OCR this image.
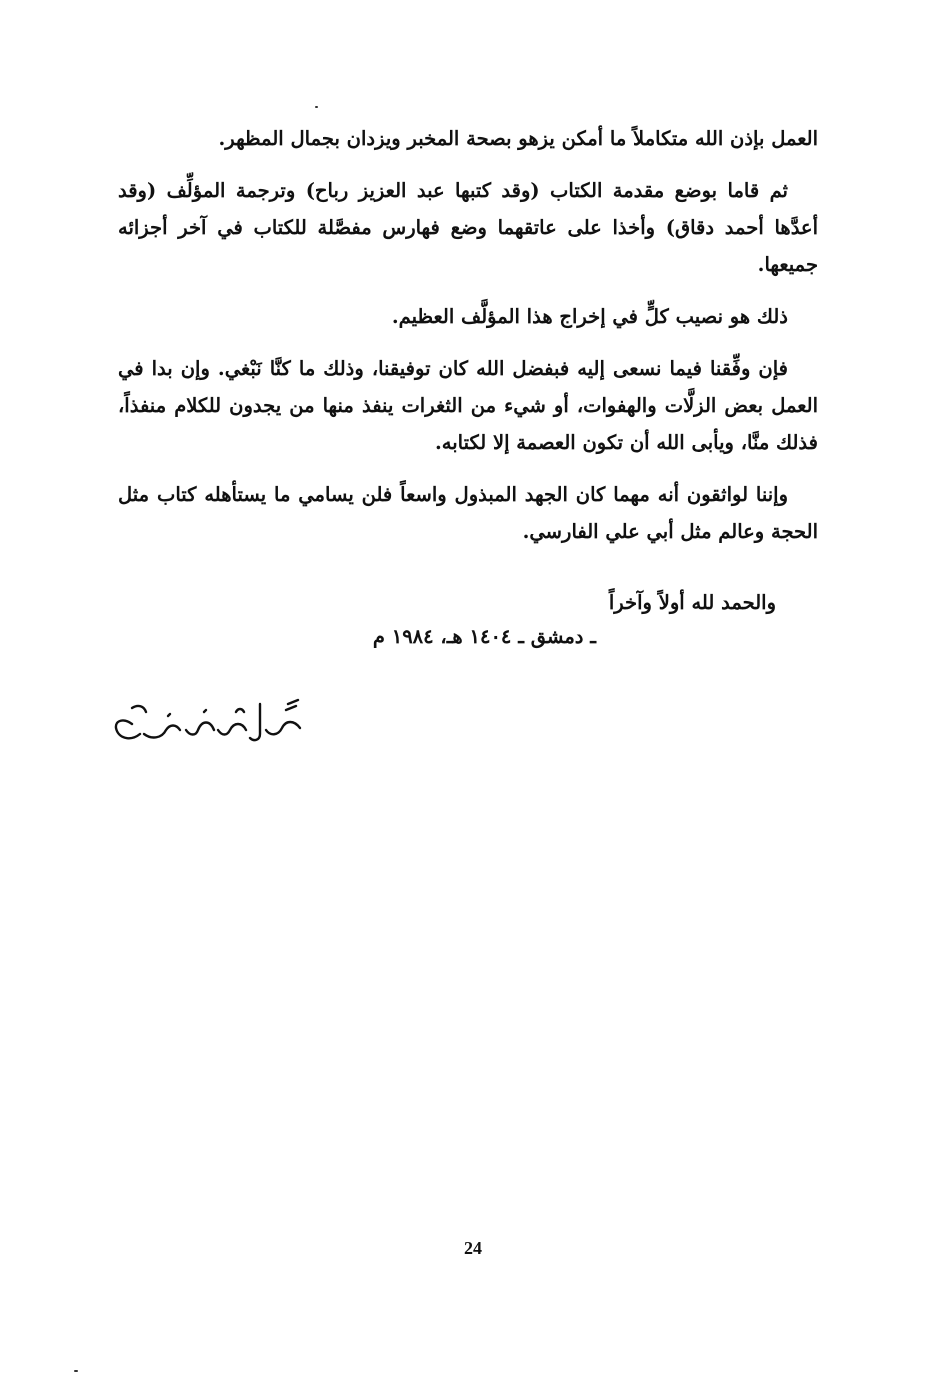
العمل بإذن الله متكاملاً ما أمكن يزهو بصحة المخبر ويزدان بجمال المظهر.

ثم قاما بوضع مقدمة الكتاب (وقد كتبها عبد العزيز رباح) وترجمة المؤلِّف (وقد أعدَّها أحمد دقاق) وأخذا على عاتقهما وضع فهارس مفصَّلة للكتاب في آخر أجزائه جميعها.

ذلك هو نصيب كلٍّ في إخراج هذا المؤلَّف العظيم.

فإن وفِّقنا فيما نسعى إليه فبفضل الله كان توفيقنا، وذلك ما كنَّا نَبْغي. وإن بدا في العمل بعض الزلَّات والهفوات، أو شيء من الثغرات ينفذ منها من يجدون للكلام منفذاً، فذلك منَّا، ويأبى الله أن تكون العصمة إلا لكتابه.

وإننا لواثقون أنه مهما كان الجهد المبذول واسعاً فلن يسامي ما يستأهله كتاب مثل الحجة وعالم مثل أبي علي الفارسي.

والحمد لله أولاً وآخراً
ـ دمشق ـ ١٤٠٤ هـ، ١٩٨٤ م
24
